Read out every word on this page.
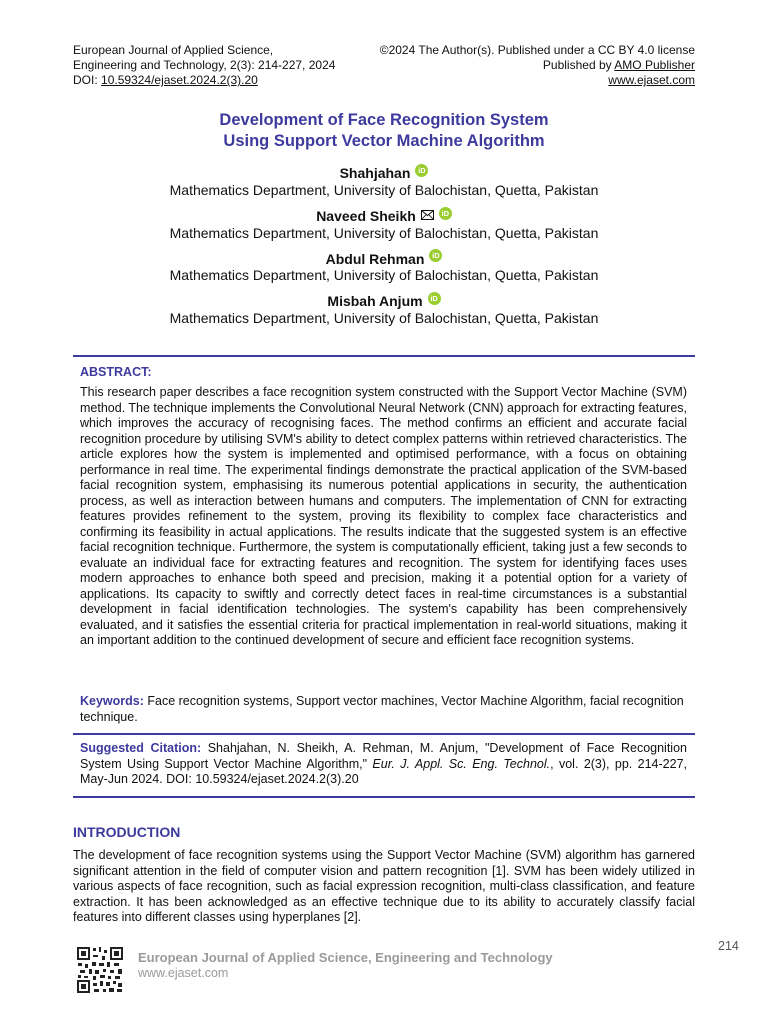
European Journal of Applied Science,	©2024 The Author(s). Published under a CC BY 4.0 license
Engineering and Technology, 2(3): 214-227, 2024	Published by AMO Publisher
DOI: 10.59324/ejaset.2024.2(3).20	www.ejaset.com
Development of Face Recognition System
Using Support Vector Machine Algorithm
Shahjahan iD
Mathematics Department, University of Balochistan, Quetta, Pakistan
Naveed Sheikh	iD
Mathematics Department, University of Balochistan, Quetta, Pakistan
Abdul Rehman iD
Mathematics Department, University of Balochistan, Quetta, Pakistan
Misbah Anjum iD
Mathematics Department, University of Balochistan, Quetta, Pakistan
ABSTRACT:
This research paper describes a face recognition system constructed with the Support Vector Machine (SVM) method. The technique implements the Convolutional Neural Network (CNN) approach for extracting features, which improves the accuracy of recognising faces. The method confirms an efficient and accurate facial recognition procedure by utilising SVM's ability to detect complex patterns within retrieved characteristics. The article explores how the system is implemented and optimised performance, with a focus on obtaining performance in real time. The experimental findings demonstrate the practical application of the SVM-based facial recognition system, emphasising its numerous potential applications in security, the authentication process, as well as interaction between humans and computers. The implementation of CNN for extracting features provides refinement to the system, proving its flexibility to complex face characteristics and confirming its feasibility in actual applications. The results indicate that the suggested system is an effective facial recognition technique. Furthermore, the system is computationally efficient, taking just a few seconds to evaluate an individual face for extracting features and recognition. The system for identifying faces uses modern approaches to enhance both speed and precision, making it a potential option for a variety of applications. Its capacity to swiftly and correctly detect faces in real-time circumstances is a substantial development in facial identification technologies. The system's capability has been comprehensively evaluated, and it satisfies the essential criteria for practical implementation in real-world situations, making it an important addition to the continued development of secure and efficient face recognition systems.
Keywords: Face recognition systems, Support vector machines, Vector Machine Algorithm, facial recognition technique.
Suggested Citation: Shahjahan, N. Sheikh, A. Rehman, M. Anjum, "Development of Face Recognition System Using Support Vector Machine Algorithm," Eur. J. Appl. Sc. Eng. Technol., vol. 2(3), pp. 214-227, May-Jun 2024. DOI: 10.59324/ejaset.2024.2(3).20
INTRODUCTION
The development of face recognition systems using the Support Vector Machine (SVM) algorithm has garnered significant attention in the field of computer vision and pattern recognition [1]. SVM has been widely utilized in various aspects of face recognition, such as facial expression recognition, multi-class classification, and feature extraction. It has been acknowledged as an effective technique due to its ability to accurately classify facial features into different classes using hyperplanes [2].
214
European Journal of Applied Science, Engineering and Technology
www.ejaset.com
